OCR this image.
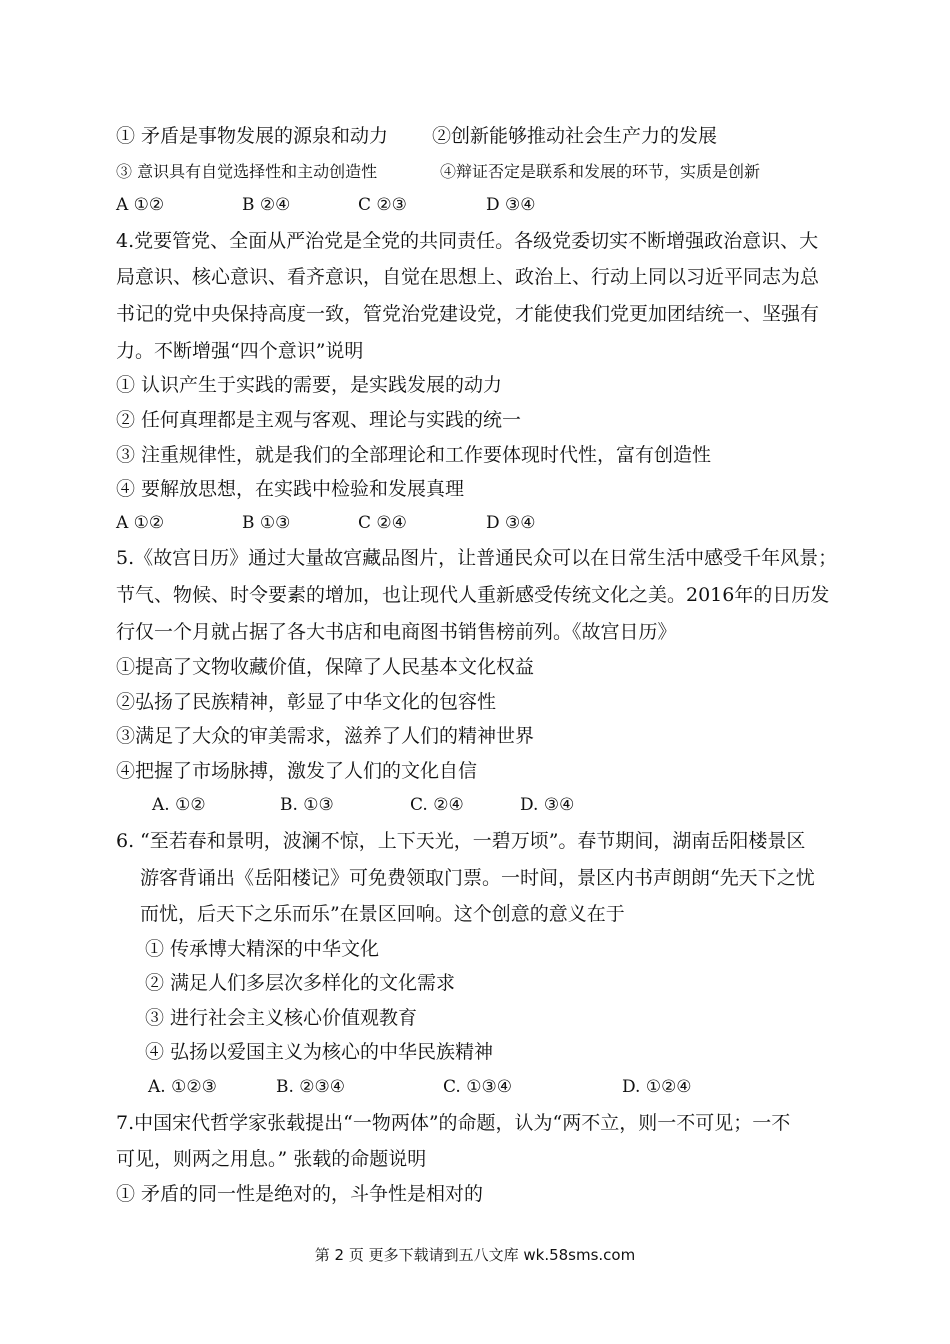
① 矛盾是事物发展的源泉和动力 ②创新能够推动社会生产力的发展
③ 意识具有自觉选择性和主动创造性	④辩证否定是联系和发展的环节，实质是创新
A ①②	B ②④	C ②③	D ③④
4.党要管党、全面从严治党是全党的共同责任。各级党委切实不断增强政治意识、大
局意识、核心意识、看齐意识，自觉在思想上、政治上、行动上同以习近平同志为总
书记的党中央保持高度一致，管党治党建设党，才能使我们党更加团结统一、坚强有
力。不断增强“四个意识”说明
① 认识产生于实践的需要，是实践发展的动力
② 任何真理都是主观与客观、理论与实践的统一
③ 注重规律性，就是我们的全部理论和工作要体现时代性，富有创造性
④ 要解放思想，在实践中检验和发展真理
A ①②	B ①③	C ②④	D ③④
5.《故宫日历》通过大量故宫藏品图片，让普通民众可以在日常生活中感受千年风景；
节气、物候、时令要素的增加，也让现代人重新感受传统文化之美。2016年的日历发
行仅一个月就占据了各大书店和电商图书销售榜前列。《故宫日历》
①提高了文物收藏价值，保障了人民基本文化权益
②弘扬了民族精神，彰显了中华文化的包容性
③满足了大众的审美需求，滋养了人们的精神世界
④把握了市场脉搏，激发了人们的文化自信
A. ①②	B. ①③	C. ②④	D. ③④
6. “至若春和景明，波澜不惊，上下天光，一碧万顷”。春节期间，湖南岳阳楼景区
游客背诵出《岳阳楼记》可免费领取门票。一时间，景区内书声朗朗“先天下之忧
而忧，后天下之乐而乐”在景区回响。这个创意的意义在于
① 传承博大精深的中华文化
② 满足人们多层次多样化的文化需求
③ 进行社会主义核心价值观教育
④ 弘扬以爱国主义为核心的中华民族精神
A. ①②③	B. ②③④	C. ①③④	D. ①②④
7.中国宋代哲学家张载提出“一物两体”的命题，认为“两不立，则一不可见；一不
可见，则两之用息。” 张载的命题说明
① 矛盾的同一性是绝对的，斗争性是相对的
第 2 页 更多下载请到五八文库 wk.58sms.com
